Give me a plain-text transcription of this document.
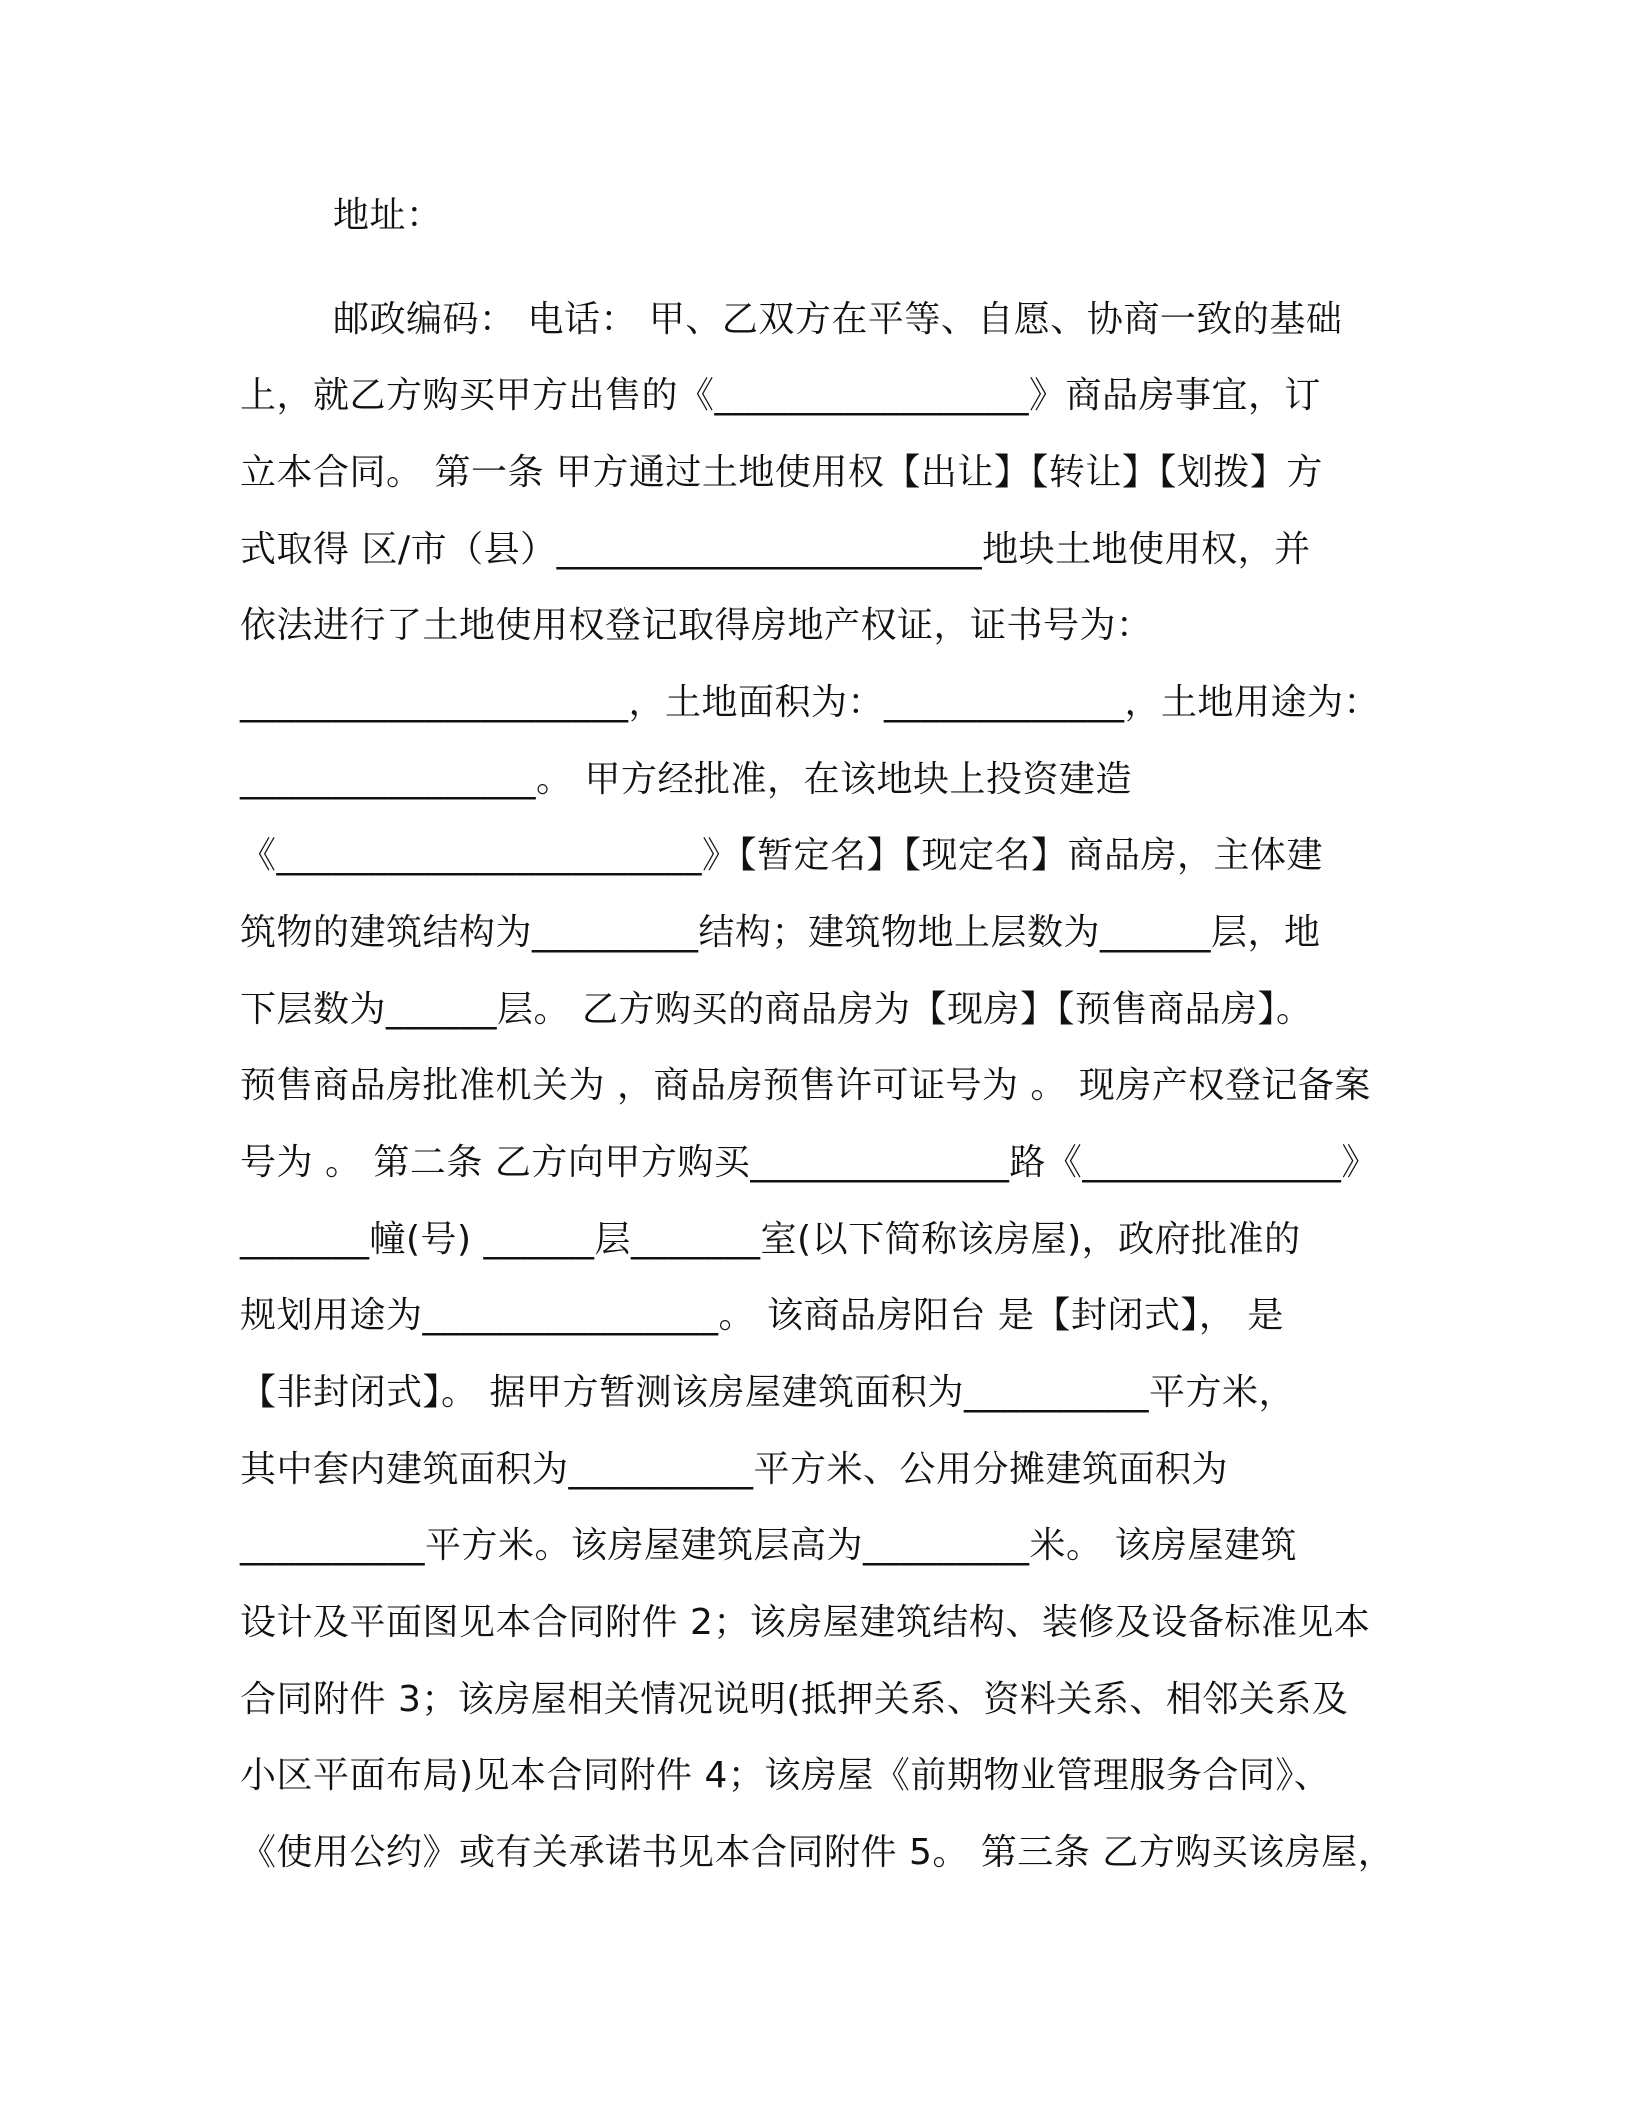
地址：
邮政编码： 电话： 甲、乙双方在平等、自愿、协商一致的基础
上，就乙方购买甲方出售的《_________________》商品房事宜，订
立本合同。 第一条 甲方通过土地使用权【出让】【转让】【划拨】方
式取得 区/市（县）_______________________地块土地使用权，并
依法进行了土地使用权登记取得房地产权证，证书号为：
_____________________，土地面积为：_____________，土地用途为：
________________。 甲方经批准，在该地块上投资建造
《_______________________》【暂定名】【现定名】商品房，主体建
筑物的建筑结构为_________结构；建筑物地上层数为______层，地
下层数为______层。 乙方购买的商品房为【现房】【预售商品房】。
预售商品房批准机关为 ，商品房预售许可证号为 。 现房产权登记备案
号为 。 第二条 乙方向甲方购买______________路《______________》
_______幢(号) ______层_______室(以下简称该房屋)，政府批准的
规划用途为________________。 该商品房阳台 是【封闭式】， 是
【非封闭式】。 据甲方暂测该房屋建筑面积为__________平方米，
其中套内建筑面积为__________平方米、公用分摊建筑面积为
__________平方米。该房屋建筑层高为_________米。 该房屋建筑
设计及平面图见本合同附件 2；该房屋建筑结构、装修及设备标准见本
合同附件 3；该房屋相关情况说明(抵押关系、资料关系、相邻关系及
小区平面布局)见本合同附件 4；该房屋《前期物业管理服务合同》、
《使用公约》或有关承诺书见本合同附件 5。 第三条 乙方购买该房屋，
